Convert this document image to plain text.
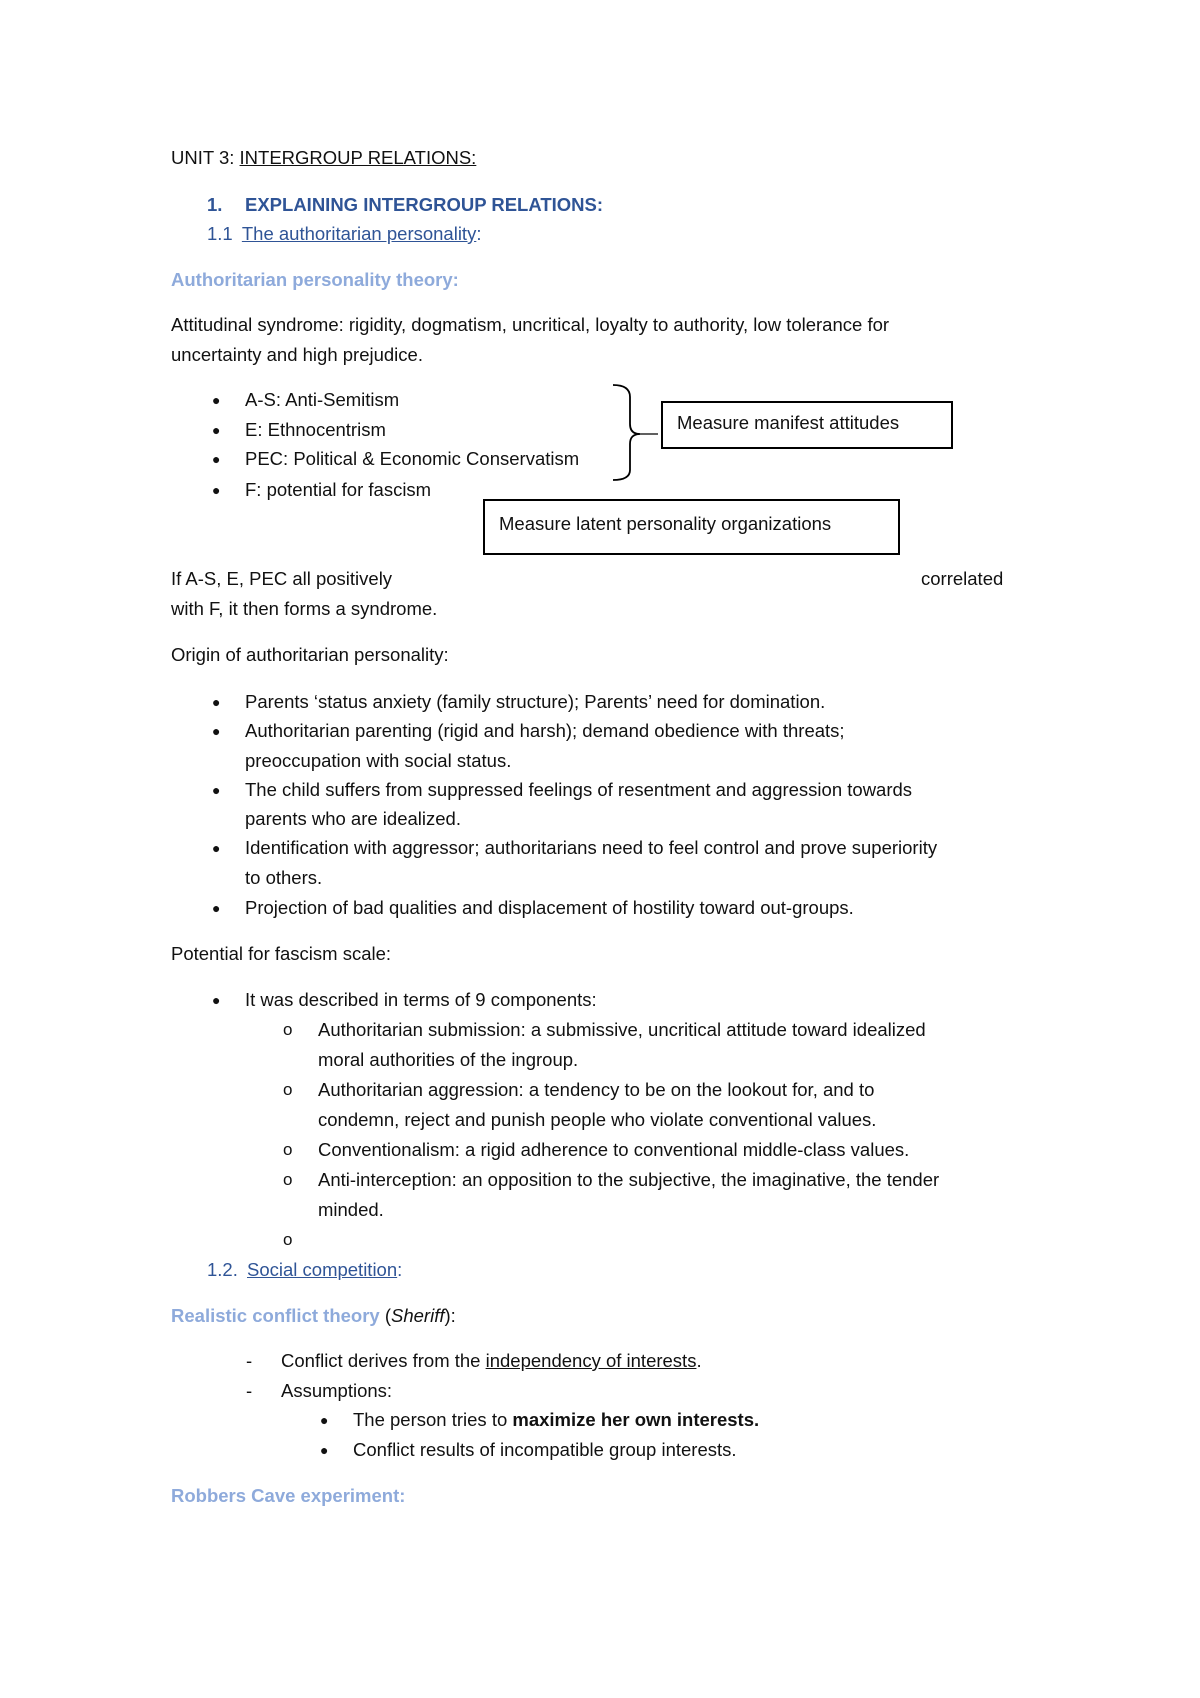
UNIT 3: INTERGROUP RELATIONS:
1. EXPLAINING INTERGROUP RELATIONS:
1.1 The authoritarian personality:
Authoritarian personality theory:
Attitudinal syndrome: rigidity, dogmatism, uncritical, loyalty to authority, low tolerance for
uncertainty and high prejudice.
● A-S: Anti-Semitism
● E: Ethnocentrism
● PEC: Political & Economic Conservatism
● F: potential for fascism
Measure manifest attitudes
Measure latent personality organizations
If A-S, E, PEC all positively	correlated
with F, it then forms a syndrome.
Origin of authoritarian personality:
● Parents ‘status anxiety (family structure); Parents’ need for domination.
● Authoritarian parenting (rigid and harsh); demand obedience with threats;
preoccupation with social status.
● The child suffers from suppressed feelings of resentment and aggression towards
parents who are idealized.
● Identification with aggressor; authoritarians need to feel control and prove superiority
to others.
● Projection of bad qualities and displacement of hostility toward out-groups.
Potential for fascism scale:
● It was described in terms of 9 components:
o Authoritarian submission: a submissive, uncritical attitude toward idealized
moral authorities of the ingroup.
o Authoritarian aggression: a tendency to be on the lookout for, and to
condemn, reject and punish people who violate conventional values.
o Conventionalism: a rigid adherence to conventional middle-class values.
o Anti-interception: an opposition to the subjective, the imaginative, the tender
minded.
o
1.2. Social competition:
Realistic conflict theory (Sheriff):
- Conflict derives from the independency of interests.
- Assumptions:
● The person tries to maximize her own interests.
● Conflict results of incompatible group interests.
Robbers Cave experiment:
